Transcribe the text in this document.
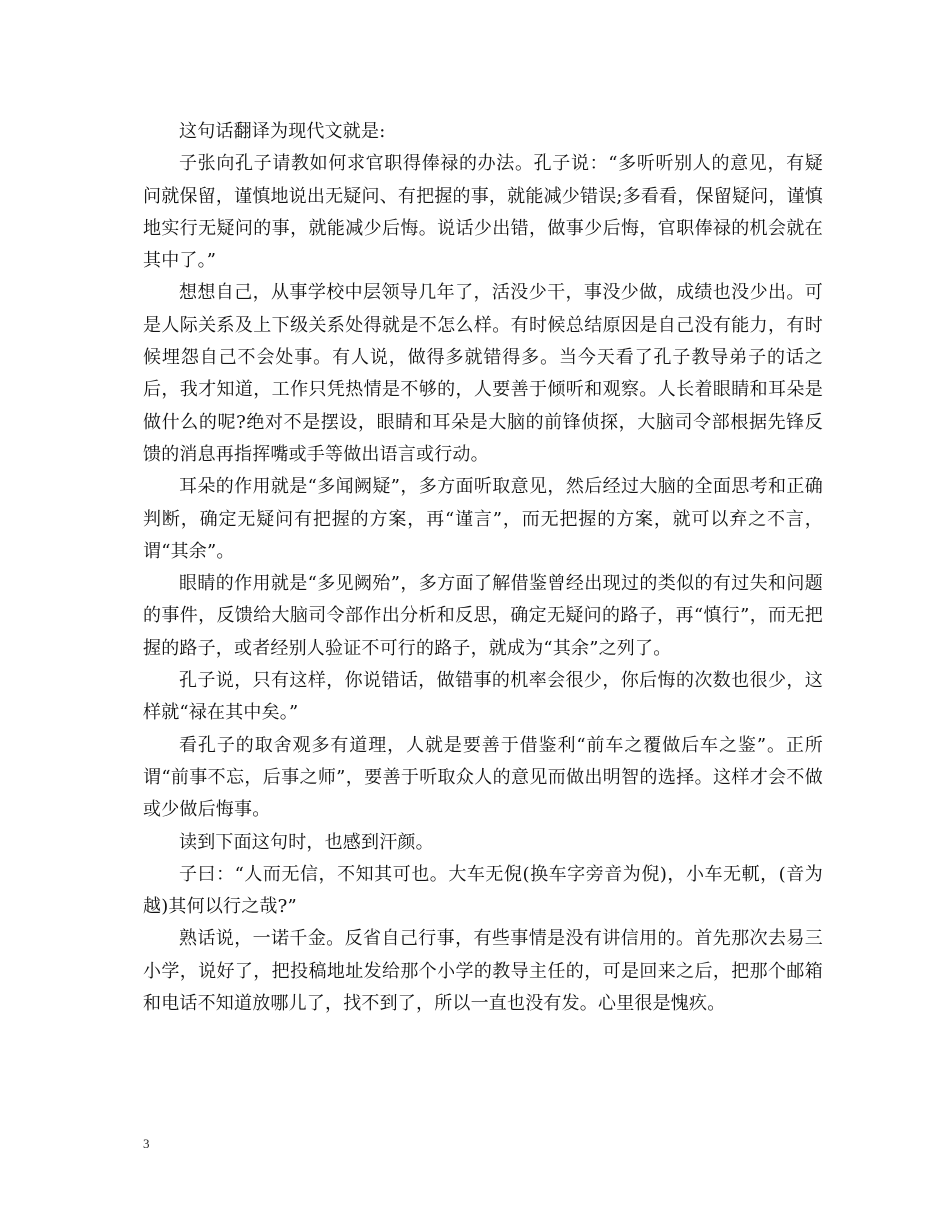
这句话翻译为现代文就是:

子张向孔子请教如何求官职得俸禄的办法。孔子说：“多听听别人的意见，有疑问就保留，谨慎地说出无疑问、有把握的事，就能减少错误;多看看，保留疑问，谨慎地实行无疑问的事，就能减少后悔。说话少出错，做事少后悔，官职俸禄的机会就在其中了。”

想想自己，从事学校中层领导几年了，活没少干，事没少做，成绩也没少出。可是人际关系及上下级关系处得就是不怎么样。有时候总结原因是自己没有能力，有时候埋怨自己不会处事。有人说，做得多就错得多。当今天看了孔子教导弟子的话之后，我才知道，工作只凭热情是不够的，人要善于倾听和观察。人长着眼睛和耳朵是做什么的呢?绝对不是摆设，眼睛和耳朵是大脑的前锋侦探，大脑司令部根据先锋反馈的消息再指挥嘴或手等做出语言或行动。

耳朵的作用就是“多闻阙疑”，多方面听取意见，然后经过大脑的全面思考和正确判断，确定无疑问有把握的方案，再“谨言”，而无把握的方案，就可以弃之不言，谓“其余”。

眼睛的作用就是“多见阙殆”，多方面了解借鉴曾经出现过的类似的有过失和问题的事件，反馈给大脑司令部作出分析和反思，确定无疑问的路子，再“慎行”，而无把握的路子，或者经别人验证不可行的路子，就成为“其余”之列了。

孔子说，只有这样，你说错话，做错事的机率会很少，你后悔的次数也很少，这样就“禄在其中矣。”

看孔子的取舍观多有道理，人就是要善于借鉴利“前车之覆做后车之鉴”。正所谓“前事不忘，后事之师”，要善于听取众人的意见而做出明智的选择。这样才会不做或少做后悔事。

读到下面这句时，也感到汗颜。

子曰：“人而无信，不知其可也。大车无倪(换车字旁音为倪)，小车无軏，(音为越)其何以行之哉?”

熟话说，一诺千金。反省自己行事，有些事情是没有讲信用的。首先那次去易三小学，说好了，把投稿地址发给那个小学的教导主任的，可是回来之后，把那个邮箱和电话不知道放哪儿了，找不到了，所以一直也没有发。心里很是愧疚。

3
